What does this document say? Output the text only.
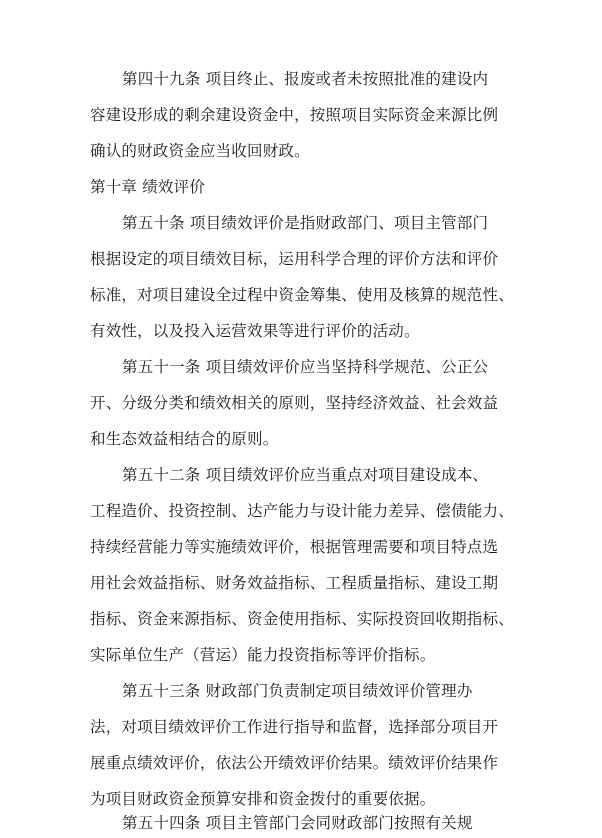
第四十九条 项目终止、报废或者未按照批准的建设内
容建设形成的剩余建设资金中，按照项目实际资金来源比例
确认的财政资金应当收回财政。
第十章 绩效评价
第五十条 项目绩效评价是指财政部门、项目主管部门
根据设定的项目绩效目标，运用科学合理的评价方法和评价
标准，对项目建设全过程中资金筹集、使用及核算的规范性、
有效性，以及投入运营效果等进行评价的活动。
第五十一条 项目绩效评价应当坚持科学规范、公正公
开、分级分类和绩效相关的原则，坚持经济效益、社会效益
和生态效益相结合的原则。
第五十二条 项目绩效评价应当重点对项目建设成本、
工程造价、投资控制、达产能力与设计能力差异、偿债能力、
持续经营能力等实施绩效评价，根据管理需要和项目特点选
用社会效益指标、财务效益指标、工程质量指标、建设工期
指标、资金来源指标、资金使用指标、实际投资回收期指标、
实际单位生产（营运）能力投资指标等评价指标。
第五十三条 财政部门负责制定项目绩效评价管理办
法，对项目绩效评价工作进行指导和监督，选择部分项目开
展重点绩效评价，依法公开绩效评价结果。绩效评价结果作
为项目财政资金预算安排和资金拨付的重要依据。
第五十四条 项目主管部门会同财政部门按照有关规
